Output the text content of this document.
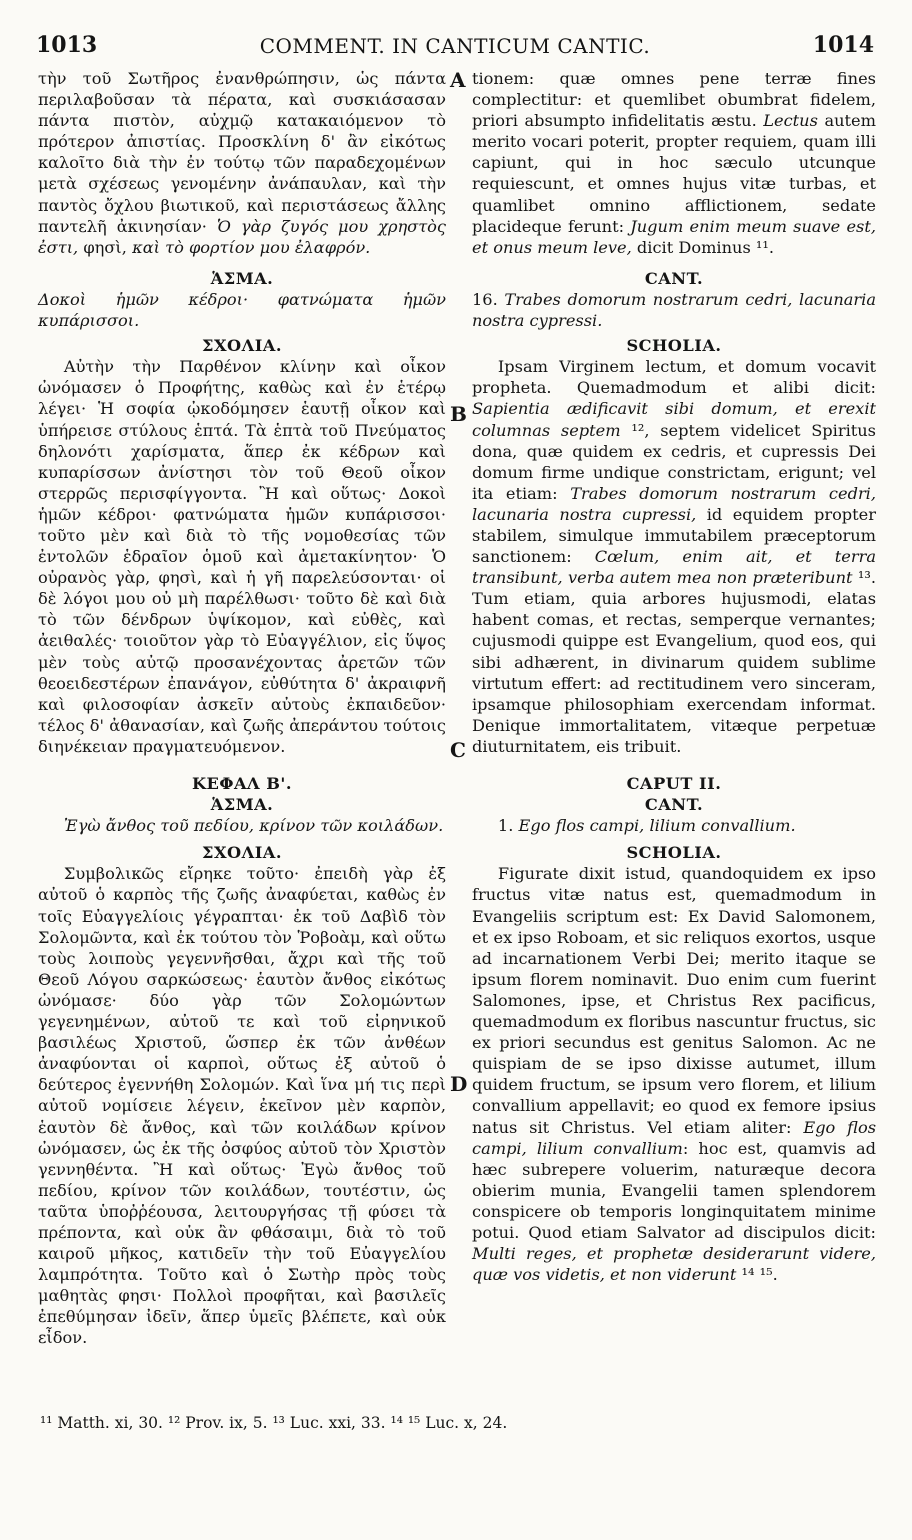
1013	COMMENT. IN CANTICUM CANTIC.	1014

τὴν τοῦ Σωτῆρος ἐνανθρώπησιν, ὡς πάντα περιλαβοῦσαν τὰ πέρατα, καὶ συσκιάσασαν πάντα πιστὸν, αὐχμῷ κατακαιόμενον τὸ πρότερον ἀπιστίας. Προσκλίνη δ' ἂν εἰκότως καλοῖτο διὰ τὴν ἐν τούτῳ τῶν παραδεχομένων μετὰ σχέσεως γενομένην ἀνάπαυλαν, καὶ τὴν παντὸς ὄχλου βιωτικοῦ, καὶ περιστάσεως ἄλλης παντελῆ ἀκινησίαν· Ὁ γὰρ ζυγός μου χρηστὸς ἐστι, φησὶ, καὶ τὸ φορτίον μου ἐλαφρόν.

ἉΣΜΑ.

Δοκοὶ ἡμῶν κέδροι· φατνώματα ἡμῶν κυπάρισσοι.

ΣΧΟΛΙΑ.

Αὐτὴν τὴν Παρθένον κλίνην καὶ οἶκον ὠνόμασεν ὁ Προφήτης, καθὼς καὶ ἐν ἑτέρῳ λέγει· Ἡ σοφία ᾠκοδόμησεν ἑαυτῇ οἶκον καὶ ὑπήρεισε στύλους ἑπτά. Τὰ ἑπτὰ τοῦ Πνεύματος δηλονότι χαρίσματα, ἅπερ ἐκ κέδρων καὶ κυπαρίσσων ἀνίστησι τὸν τοῦ Θεοῦ οἶκον στερρῶς περισφίγγοντα. Ἢ καὶ οὕτως· Δοκοὶ ἡμῶν κέδροι· φατνώματα ἡμῶν κυπάρισσοι· τοῦτο μὲν καὶ διὰ τὸ τῆς νομοθεσίας τῶν ἐντολῶν ἑδραῖον ὁμοῦ καὶ ἀμετακίνητον· Ὁ οὐρανὸς γὰρ, φησὶ, καὶ ἡ γῆ παρελεύσονται· οἱ δὲ λόγοι μου οὐ μὴ παρέλθωσι· τοῦτο δὲ καὶ διὰ τὸ τῶν δένδρων ὑψίκομον, καὶ εὐθὲς, καὶ ἀειθαλές· τοιοῦτον γὰρ τὸ Εὐαγγέλιον, εἰς ὕψος μὲν τοὺς αὐτῷ προσανέχοντας ἀρετῶν τῶν θεοειδεστέρων ἐπανάγον, εὐθύτητα δ' ἀκραιφνῆ καὶ φιλοσοφίαν ἀσκεῖν αὐτοὺς ἐκπαιδεῦον· τέλος δ' ἀθανασίαν, καὶ ζωῆς ἀπεράντου τούτοις διηνέκειαν πραγματευόμενον.

ΚΕΦΑΛ Β'.

ἉΣΜΑ.

Ἐγὼ ἄνθος τοῦ πεδίου, κρίνον τῶν κοιλάδων.

ΣΧΟΛΙΑ.

Συμβολικῶς εἴρηκε τοῦτο· ἐπειδὴ γὰρ ἐξ αὐτοῦ ὁ καρπὸς τῆς ζωῆς ἀναφύεται, καθὼς ἐν τοῖς Εὐαγγελίοις γέγραπται· ἐκ τοῦ Δαβὶδ τὸν Σολομῶντα, καὶ ἐκ τούτου τὸν Ῥοβοὰμ, καὶ οὕτω τοὺς λοιποὺς γεγεννῆσθαι, ἄχρι καὶ τῆς τοῦ Θεοῦ Λόγου σαρκώσεως· ἑαυτὸν ἄνθος εἰκότως ὠνόμασε· δύο γὰρ τῶν Σολομώντων γεγενημένων, αὐτοῦ τε καὶ τοῦ εἰρηνικοῦ βασιλέως Χριστοῦ, ὥσπερ ἐκ τῶν ἀνθέων ἀναφύονται οἱ καρποὶ, οὕτως ἐξ αὐτοῦ ὁ δεύτερος ἐγεννήθη Σολομών. Καὶ ἵνα μή τις περὶ αὐτοῦ νομίσειε λέγειν, ἐκεῖνον μὲν καρπὸν, ἑαυτὸν δὲ ἄνθος, καὶ τῶν κοιλάδων κρίνον ὠνόμασεν, ὡς ἐκ τῆς ὀσφύος αὐτοῦ τὸν Χριστὸν γεννηθέντα. Ἢ καὶ οὕτως· Ἐγὼ ἄνθος τοῦ πεδίου, κρίνον τῶν κοιλάδων, τουτέστιν, ὡς ταῦτα ὑποῤῥέουσα, λειτουργήσας τῇ φύσει τὰ πρέποντα, καὶ οὐκ ἂν φθάσαιμι, διὰ τὸ τοῦ καιροῦ μῆκος, κατιδεῖν τὴν τοῦ Εὐαγγελίου λαμπρότητα. Τοῦτο καὶ ὁ Σωτὴρ πρὸς τοὺς μαθητὰς φησι· Πολλοὶ προφῆται, καὶ βασιλεῖς ἐπεθύμησαν ἰδεῖν, ἅπερ ὑμεῖς βλέπετε, καὶ οὐκ εἶδον.

tionem: quæ omnes pene terræ fines complectitur: et quemlibet obumbrat fidelem, priori absumpto infidelitatis æstu. Lectus autem merito vocari poterit, propter requiem, quam illi capiunt, qui in hoc sæculo utcunque requiescunt, et omnes hujus vitæ turbas, et quamlibet omnino afflictionem, sedate placideque ferunt: Jugum enim meum suave est, et onus meum leve, dicit Dominus ¹¹.

CANT.

16. Trabes domorum nostrarum cedri, lacunaria nostra cypressi.

SCHOLIA.

Ipsam Virginem lectum, et domum vocavit propheta. Quemadmodum et alibi dicit: Sapientia ædificavit sibi domum, et erexit columnas septem ¹², septem videlicet Spiritus dona, quæ quidem ex cedris, et cupressis Dei domum firme undique constrictam, erigunt; vel ita etiam: Trabes domorum nostrarum cedri, lacunaria nostra cupressi, id equidem propter stabilem, simulque immutabilem præceptorum sanctionem: Cœlum, enim ait, et terra transibunt, verba autem mea non præteribunt ¹³. Tum etiam, quia arbores hujusmodi, elatas habent comas, et rectas, semperque vernantes; cujusmodi quippe est Evangelium, quod eos, qui sibi adhærent, in divinarum quidem sublime virtutum effert: ad rectitudinem vero sinceram, ipsamque philosophiam exercendam informat. Denique immortalitatem, vitæque perpetuæ diuturnitatem, eis tribuit.

CAPUT II.

CANT.

1. Ego flos campi, lilium convallium.

SCHOLIA.

Figurate dixit istud, quandoquidem ex ipso fructus vitæ natus est, quemadmodum in Evangeliis scriptum est: Ex David Salomonem, et ex ipso Roboam, et sic reliquos exortos, usque ad incarnationem Verbi Dei; merito itaque se ipsum florem nominavit. Duo enim cum fuerint Salomones, ipse, et Christus Rex pacificus, quemadmodum ex floribus nascuntur fructus, sic ex priori secundus est genitus Salomon. Ac ne quispiam de se ipso dixisse autumet, illum quidem fructum, se ipsum vero florem, et lilium convallium appellavit; eo quod ex femore ipsius natus sit Christus. Vel etiam aliter: Ego flos campi, lilium convallium: hoc est, quamvis ad hæc subrepere voluerim, naturæque decora obierim munia, Evangelii tamen splendorem conspicere ob temporis longinquitatem minime potui. Quod etiam Salvator ad discipulos dicit: Multi reges, et prophetæ desiderarunt videre, quæ vos videtis, et non viderunt ¹⁴ ¹⁵.

A
B
C
D
¹¹ Matth. xi, 30. ¹² Prov. ix, 5. ¹³ Luc. xxi, 33. ¹⁴ ¹⁵ Luc. x, 24.
